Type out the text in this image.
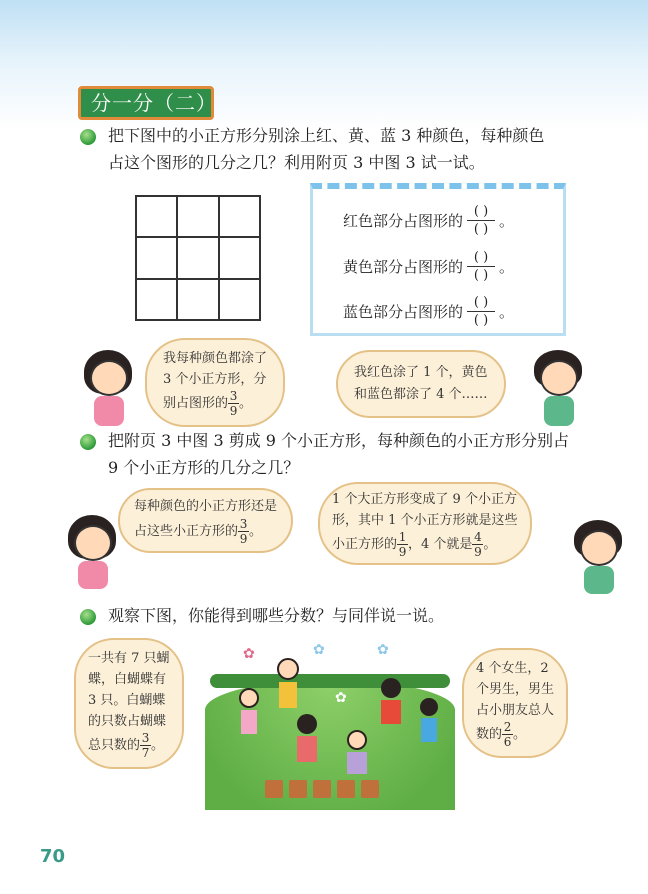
分一分（二）
把下图中的小正方形分别涂上红、黄、蓝 3 种颜色，每种颜色
占这个图形的几分之几？利用附页 3 中图 3 试一试。
红色部分占图形的 $\frac{( )}{( )}$ 。
黄色部分占图形的 $\frac{( )}{( )}$ 。
蓝色部分占图形的 $\frac{( )}{( )}$ 。
我每种颜色都涂了
3 个小正方形，分
别占图形的 $\frac{3}{9}$ 。
我红色涂了 1 个，黄色
和蓝色都涂了 4 个……
把附页 3 中图 3 剪成 9 个小正方形，每种颜色的小正方形分别占
9 个小正方形的几分之几？
每种颜色的小正方形还是
占这些小正方形的 $\frac{3}{9}$ 。
1 个大正方形变成了 9 个小正方
形，其中 1 个小正方形就是这些
小正方形的 $\frac{1}{9}$ ，4 个就是 $\frac{4}{9}$ 。
观察下图，你能得到哪些分数？与同伴说一说。
一共有 7 只蝴
蝶，白蝴蝶有
3 只。白蝴蝶
的只数占蝴蝶
总只数的 $\frac{3}{7}$ 。
✿	✿	✿
✿
4 个女生，2
个男生，男生
占小朋友总人
数的 $\frac{2}{6}$ 。
70
